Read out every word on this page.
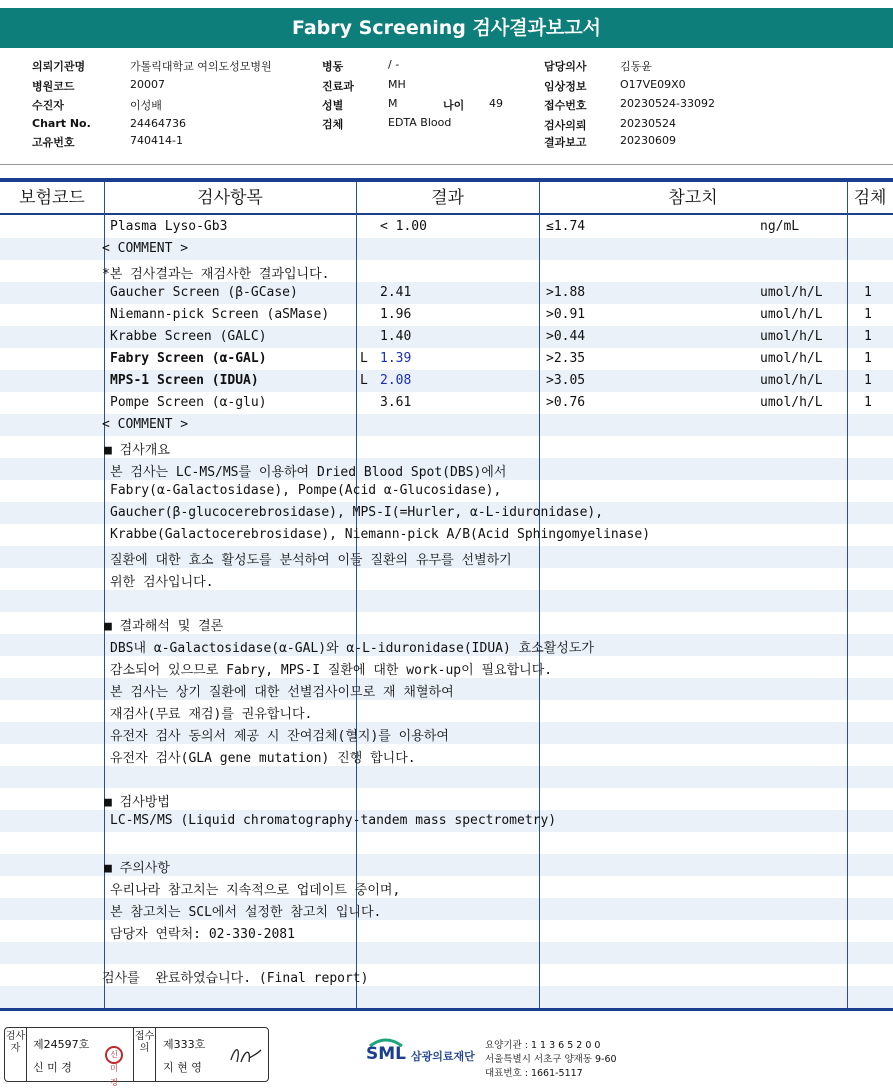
Fabry Screening 검사결과보고서
의뢰기관명	가톨릭대학교 여의도성모병원
병원코드	20007
수진자	이성배
Chart No.	24464736
고유번호	740414-1
병동	/ -
진료과	MH
성별	M	나이 49
검체	EDTA Blood
담당의사	김동윤
임상정보	O17VE09X0
접수번호	20230524-33092
검사의뢰	20230524
결과보고	20230609
보험코드	검사항목	결과	참고치	검체
Plasma Lyso-Gb3	< 1.00	≤1.74	ng/mL
< COMMENT >
*본 검사결과는 재검사한 결과입니다.
Gaucher Screen (β-GCase)	2.41	>1.88	umol/h/L	1
Niemann-pick Screen (aSMase)	1.96	>0.91	umol/h/L	1
Krabbe Screen (GALC)	1.40	>0.44	umol/h/L	1
Fabry Screen (α-GAL)	L 1.39	>2.35	umol/h/L	1
MPS-1 Screen (IDUA)	L 2.08	>3.05	umol/h/L	1
Pompe Screen (α-glu)	3.61	>0.76	umol/h/L	1
< COMMENT >
■ 검사개요
본 검사는 LC-MS/MS를 이용하여 Dried Blood Spot(DBS)에서
Fabry(α-Galactosidase), Pompe(Acid α-Glucosidase),
Gaucher(β-glucocerebrosidase), MPS-I(=Hurler, α-L-iduronidase),
Krabbe(Galactocerebrosidase), Niemann-pick A/B(Acid Sphingomyelinase)
질환에 대한 효소 활성도를 분석하여 이들 질환의 유무를 선별하기
위한 검사입니다.
■ 결과해석 및 결론
DBS내 α-Galactosidase(α-GAL)와 α-L-iduronidase(IDUA) 효소활성도가
감소되어 있으므로 Fabry, MPS-I 질환에 대한 work-up이 필요합니다.
본 검사는 상기 질환에 대한 선별검사이므로 재 채혈하여
재검사(무료 재검)를 권유합니다.
유전자 검사 동의서 제공 시 잔여검체(혈지)를 이용하여
유전자 검사(GLA gene mutation) 진행 합니다.
■ 검사방법
LC-MS/MS (Liquid chromatography-tandem mass spectrometry)
■ 주의사항
우리나라 참고치는 지속적으로 업데이트 중이며,
본 참고치는 SCL에서 설정한 참고치 입니다.
담당자 연락처: 02-330-2081
검사를  완료하였습니다. (Final report)
검사자	제24597호
신 미 경
신미경
접수의	제333호
지 현 영
SML 삼광의료재단
요양기관 : 1 1 3 6 5 2 0 0
서울특별시 서초구 양재동 9-60
대표번호 : 1661-5117
